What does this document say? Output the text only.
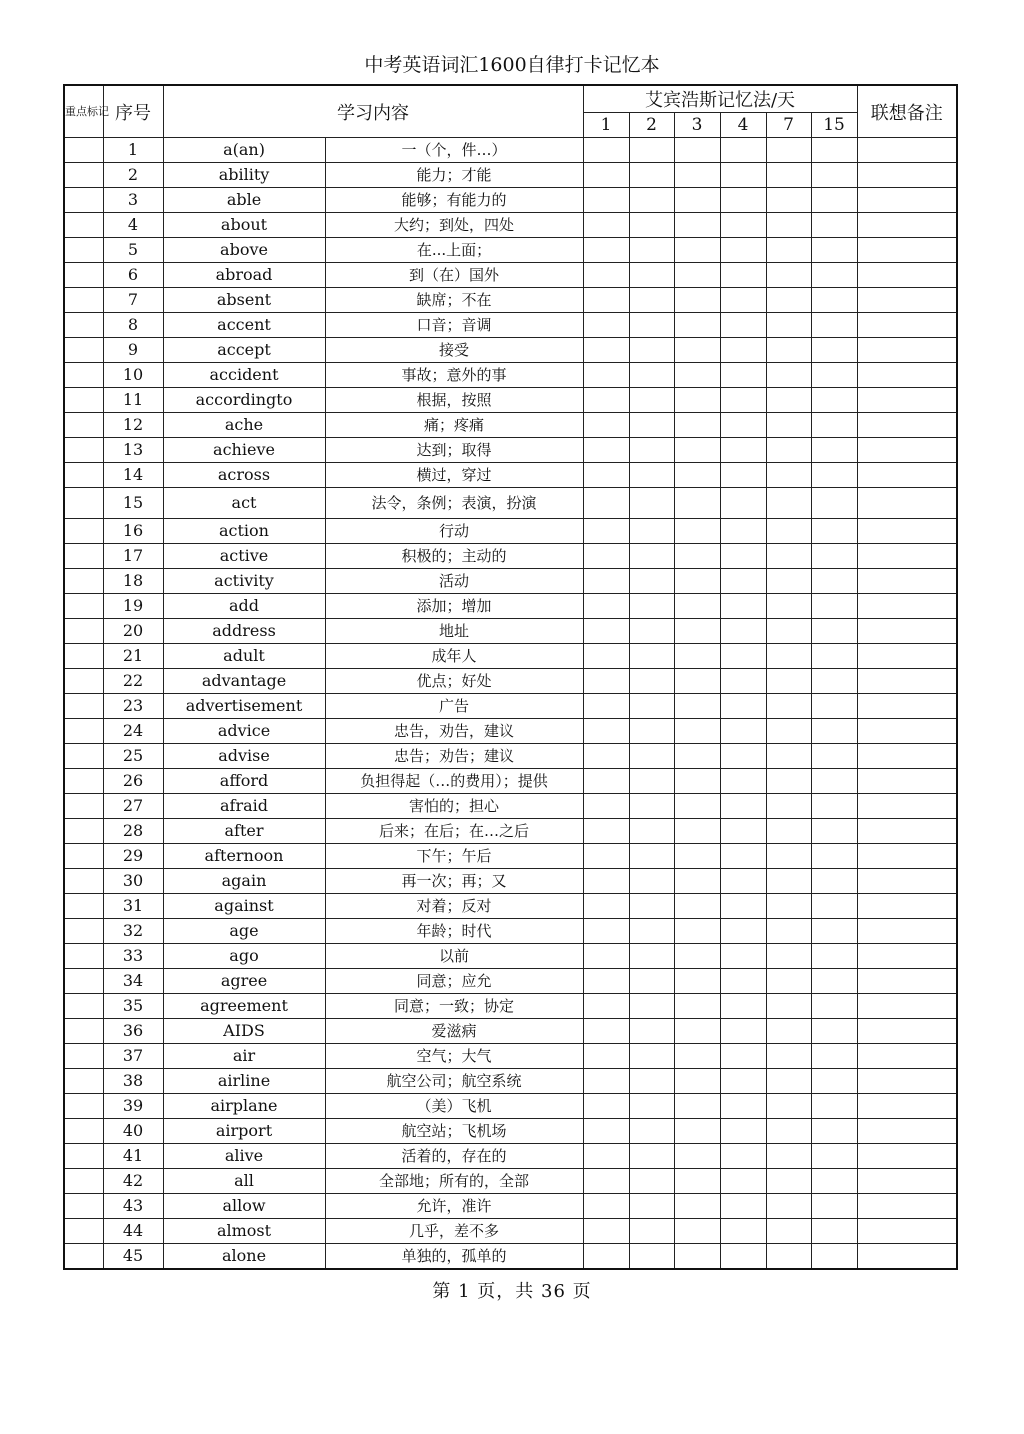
中考英语词汇1600自律打卡记忆本
重点标记	序号	学习内容		艾宾浩斯记忆法/天						联想备注
				1	2	3	4	7	15	
	1	a(an)	一（个，件…）							
	2	ability	能力；才能							
	3	able	能够；有能力的							
	4	about	大约；到处，四处							
	5	above	在...上面；							
	6	abroad	到（在）国外							
	7	absent	缺席；不在							
	8	accent	口音；音调							
	9	accept	接受							
	10	accident	事故；意外的事							
	11	accordingto	根据，按照							
	12	ache	痛；疼痛							
	13	achieve	达到；取得							
	14	across	横过，穿过							
	15	act	法令，条例；表演，扮演							
	16	action	行动							
	17	active	积极的；主动的							
	18	activity	活动							
	19	add	添加；增加							
	20	address	地址							
	21	adult	成年人							
	22	advantage	优点；好处							
	23	advertisement	广告							
	24	advice	忠告，劝告，建议							
	25	advise	忠告；劝告；建议							
	26	afford	负担得起（…的费用）；提供							
	27	afraid	害怕的；担心							
	28	after	后来；在后；在…之后							
	29	afternoon	下午；午后							
	30	again	再一次；再；又							
	31	against	对着；反对							
	32	age	年龄；时代							
	33	ago	以前							
	34	agree	同意；应允							
	35	agreement	同意；一致；协定							
	36	AIDS	爱滋病							
	37	air	空气；大气							
	38	airline	航空公司；航空系统							
	39	airplane	（美）飞机							
	40	airport	航空站；飞机场							
	41	alive	活着的，存在的							
	42	all	全部地；所有的，全部							
	43	allow	允许，准许							
	44	almost	几乎，差不多							
	45	alone	单独的，孤单的							
第 1 页，共 36 页
